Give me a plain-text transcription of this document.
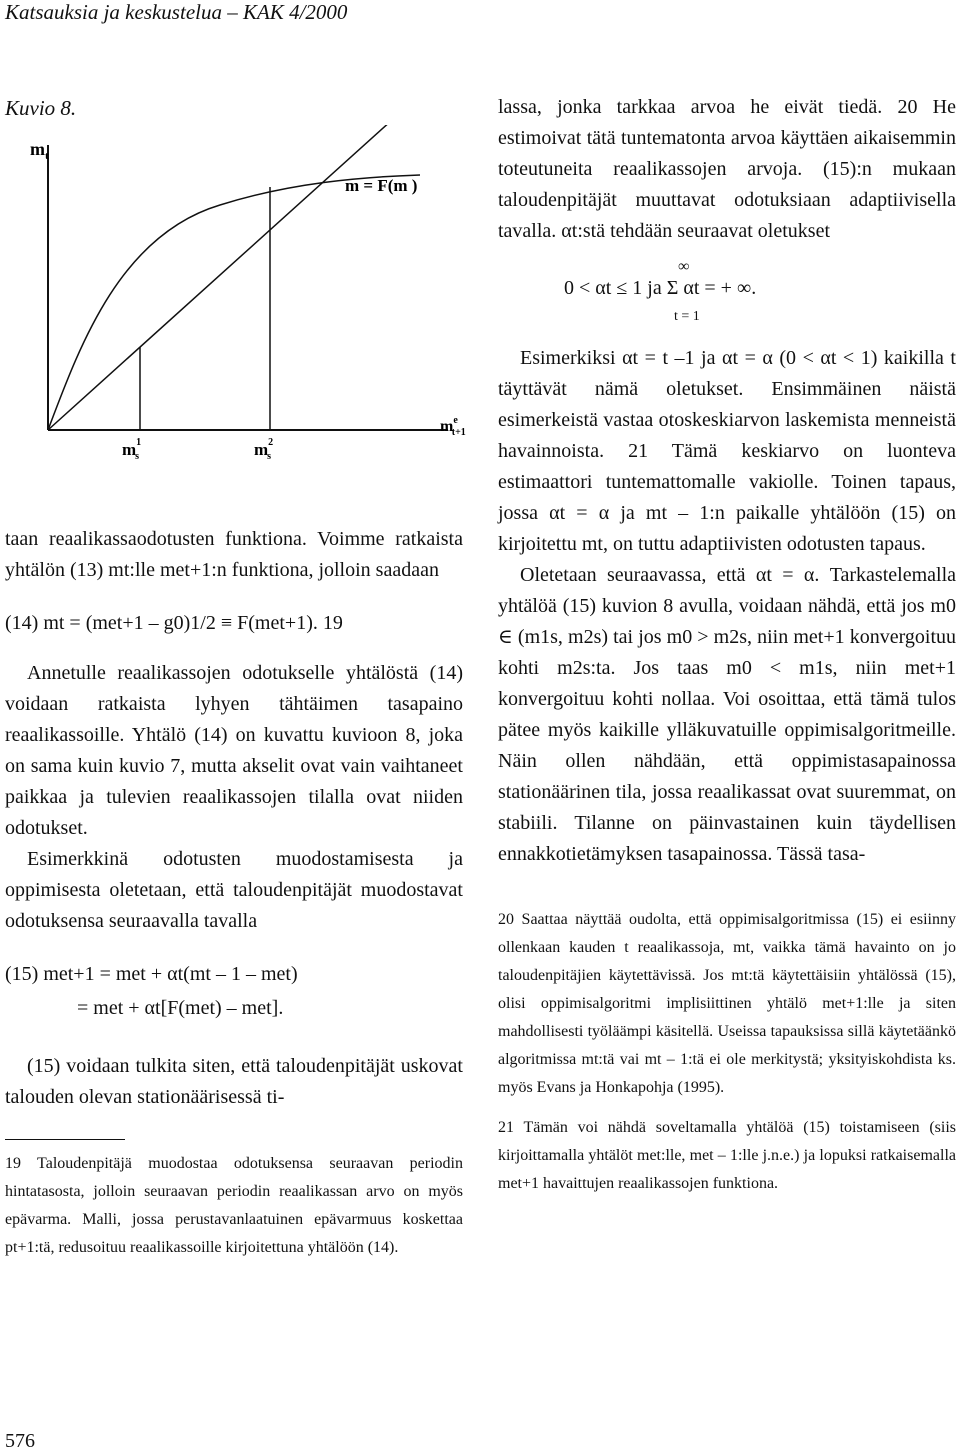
Katsauksia ja keskustelua – KAK 4/2000
Kuvio 8.
$m_t$
m = F(m )
$m^e$ t+1
$m^1$ s	$m^2$ s

taan reaalikassaodotusten funktiona. Voimme ratkaista yhtälön (13) mt:lle met+1:n funktiona, jolloin saadaan

(14) mt = (met+1 – g0)1/2 ≡ F(met+1). 19

Annetulle reaalikassojen odotukselle yhtälöstä (14) voidaan ratkaista lyhyen tähtäimen tasapaino reaalikassoille. Yhtälö (14) on kuvattu kuvioon 8, joka on sama kuin kuvio 7, mutta akselit ovat vain vaihtaneet paikkaa ja tulevien reaalikassojen tilalla ovat niiden odotukset.

Esimerkkinä odotusten muodostamisesta ja oppimisesta oletetaan, että taloudenpitäjät muodostavat odotuksensa seuraavalla tavalla

(15) met+1 = met + αt(mt – 1 – met)
= met + αt[F(met) – met].

(15) voidaan tulkita siten, että taloudenpitäjät uskovat talouden olevan stationäärisessä ti-

19 Taloudenpitäjä muodostaa odotuksensa seuraavan periodin hintatasosta, jolloin seuraavan periodin reaalikassan arvo on myös epävarma. Malli, jossa perustavanlaatuinen epävarmuus koskettaa pt+1:tä, redusoituu reaalikassoille kirjoitettuna yhtälöön (14).

lassa, jonka tarkkaa arvoa he eivät tiedä. 20 He estimoivat tätä tuntematonta arvoa käyttäen aikaisemmin toteutuneita reaalikassojen arvoja. (15):n mukaan taloudenpitäjät muuttavat odotuksiaan adaptiivisella tavalla. αt:stä tehdään seuraavat oletukset

∞
0 < αt ≤ 1 ja Σ αt = + ∞.
t = 1

Esimerkiksi αt = t –1 ja αt = α (0 < αt < 1) kaikilla t täyttävät nämä oletukset. Ensimmäinen näistä esimerkeistä vastaa otoskeskiarvon laskemista menneistä havainnoista. 21 Tämä keskiarvo on luonteva estimaattori tuntemattomalle vakiolle. Toinen tapaus, jossa αt = α ja mt – 1:n paikalle yhtälöön (15) on kirjoitettu mt, on tuttu adaptiivisten odotusten tapaus.

Oletetaan seuraavassa, että αt = α. Tarkastelemalla yhtälöä (15) kuvion 8 avulla, voidaan nähdä, että jos m0 ∈ (m1s, m2s) tai jos m0 > m2s, niin met+1 konvergoituu kohti m2s:ta. Jos taas m0 < m1s, niin met+1 konvergoituu kohti nollaa. Voi osoittaa, että tämä tulos pätee myös kaikille ylläkuvatuille oppimisalgoritmeille. Näin ollen nähdään, että oppimistasapainossa stationäärinen tila, jossa reaalikassat ovat suuremmat, on stabiili. Tilanne on päinvastainen kuin täydellisen ennakkotietämyksen tasapainossa. Tässä tasa-

20 Saattaa näyttää oudolta, että oppimisalgoritmissa (15) ei esiinny ollenkaan kauden t reaalikassoja, mt, vaikka tämä havainto on jo taloudenpitäjien käytettävissä. Jos mt:tä käytettäisiin yhtälössä (15), olisi oppimisalgoritmi implisiittinen yhtälö met+1:lle ja siten mahdollisesti työläämpi käsitellä. Useissa tapauksissa sillä käytetäänkö algoritmissa mt:tä vai mt – 1:tä ei ole merkitystä; yksityiskohdista ks. myös Evans ja Honkapohja (1995).

21 Tämän voi nähdä soveltamalla yhtälöä (15) toistamiseen (siis kirjoittamalla yhtälöt met:lle, met – 1:lle j.n.e.) ja lopuksi ratkaisemalla met+1 havaittujen reaalikassojen funktiona.

576
